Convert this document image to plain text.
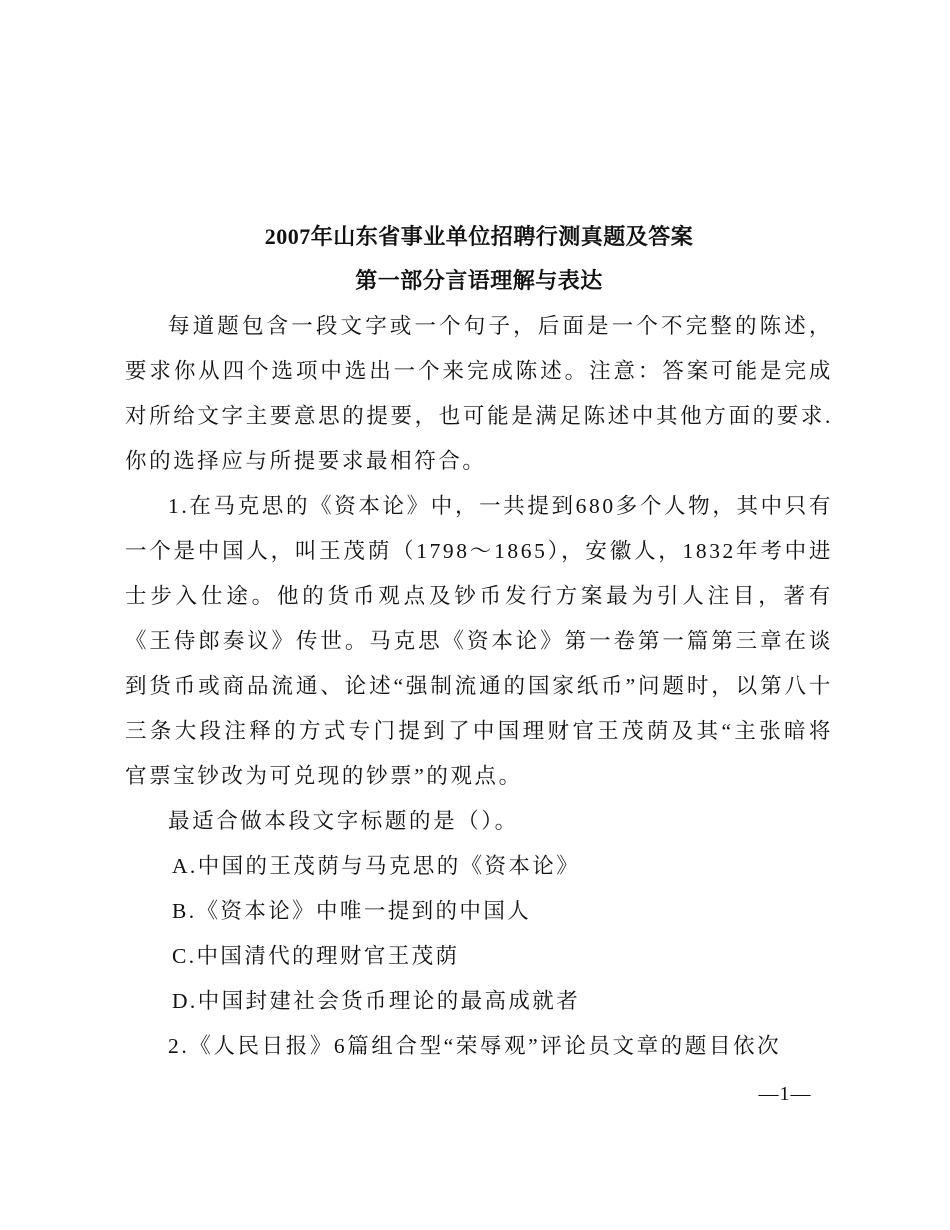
2007年山东省事业单位招聘行测真题及答案
第一部分言语理解与表达

每道题包含一段文字或一个句子，后面是一个不完整的陈述，要求你从四个选项中选出一个来完成陈述。注意：答案可能是完成对所给文字主要意思的提要，也可能是满足陈述中其他方面的要求.你的选择应与所提要求最相符合。

1.在马克思的《资本论》中，一共提到680多个人物，其中只有一个是中国人，叫王茂荫（1798～1865），安徽人，1832年考中进士步入仕途。他的货币观点及钞币发行方案最为引人注目，著有《王侍郎奏议》传世。马克思《资本论》第一卷第一篇第三章在谈到货币或商品流通、论述“强制流通的国家纸币”问题时，以第八十三条大段注释的方式专门提到了中国理财官王茂荫及其“主张暗将官票宝钞改为可兑现的钞票”的观点。

最适合做本段文字标题的是（）。

A.中国的王茂荫与马克思的《资本论》

B.《资本论》中唯一提到的中国人

C.中国清代的理财官王茂荫

D.中国封建社会货币理论的最高成就者

2.《人民日报》6篇组合型“荣辱观”评论员文章的题目依次

—1—
